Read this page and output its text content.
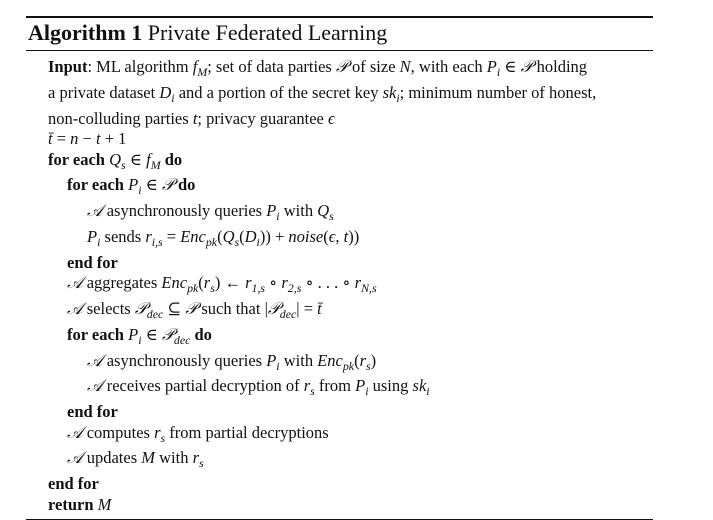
Algorithm 1 Private Federated Learning
Input: ML algorithm $f_M$; set of data parties 𝒫 of size N, with each $P_i$ ∈ 𝒫 holding
a private dataset $D_i$ and a portion of the secret key $sk_i$; minimum number of honest,
non-colluding parties t; privacy guarantee ϵ
t̄ = n − t + 1
for each $Q_s$ ∈ $f_M$ do
for each $P_i$ ∈ 𝒫 do
𝒜 asynchronously queries $P_i$ with $Q_s$
$P_i$ sends $r_{i,s} = Enc_{pk}(Q_s(D_i))$ + noise(ϵ, t))
end for
𝒜 aggregates $Enc_{pk}(r_s)$ ← $r_{1,s}$ ∘ $r_{2,s}$ ∘ . . . ∘ $r_{N,s}$
𝒜 selects 𝒫$_{dec}$ ⊆ 𝒫 such that |𝒫$_{dec}$| = t̄
for each $P_i$ ∈ 𝒫$_{dec}$ do
𝒜 asynchronously queries $P_i$ with $Enc_{pk}(r_s)$
𝒜 receives partial decryption of $r_s$ from $P_i$ using $sk_i$
end for
𝒜 computes $r_s$ from partial decryptions
𝒜 updates M with $r_s$
end for
return M
